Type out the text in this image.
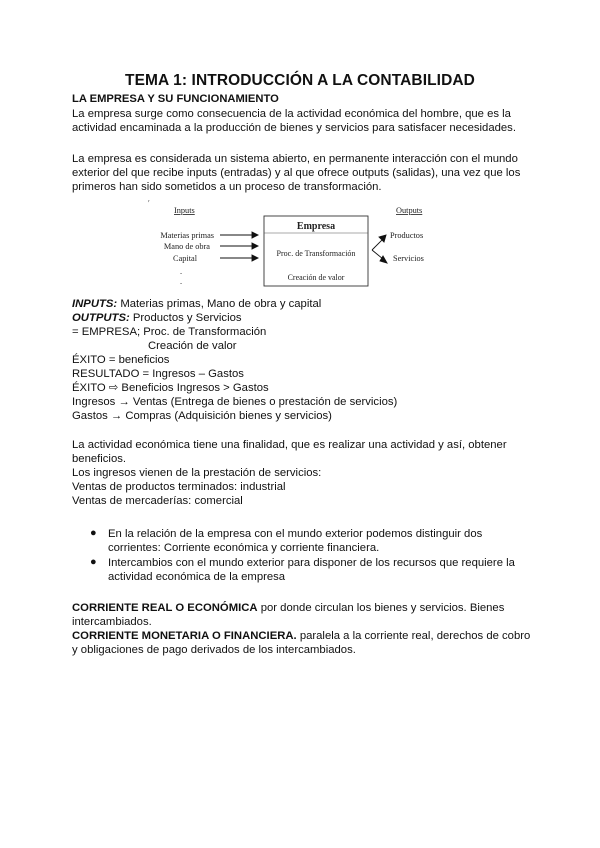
TEMA 1: INTRODUCCIÓN A LA CONTABILIDAD
LA EMPRESA Y SU FUNCIONAMIENTO
La empresa surge como consecuencia de la actividad económica del hombre, que es la
actividad encaminada a la producción de bienes y servicios para satisfacer necesidades.
La empresa es considerada un sistema abierto, en permanente interacción con el mundo
exterior del que recibe inputs (entradas) y al que ofrece outputs (salidas), una vez que los
primeros han sido sometidos a un proceso de transformación.
′
Inputs	Outputs
Materias primas
Mano de obra
Capital
.
.
Empresa
Proc. de Transformación
Creación de valor
Productos
Servicios
INPUTS: Materias primas, Mano de obra y capital
OUTPUTS: Productos y Servicios
= EMPRESA; Proc. de Transformación
Creación de valor
ÉXITO = beneficios
RESULTADO = Ingresos – Gastos
ÉXITO ⇨ Beneficios Ingresos > Gastos
Ingresos → Ventas (Entrega de bienes o prestación de servicios)
Gastos → Compras (Adquisición bienes y servicios)
La actividad económica tiene una finalidad, que es realizar una actividad y así, obtener
beneficios.
Los ingresos vienen de la prestación de servicios:
Ventas de productos terminados: industrial
Ventas de mercaderías: comercial
● En la relación de la empresa con el mundo exterior podemos distinguir dos
corrientes: Corriente económica y corriente financiera.
● Intercambios con el mundo exterior para disponer de los recursos que requiere la
actividad económica de la empresa
CORRIENTE REAL O ECONÓMICA por donde circulan los bienes y servicios. Bienes
intercambiados.
CORRIENTE MONETARIA O FINANCIERA. paralela a la corriente real, derechos de cobro
y obligaciones de pago derivados de los intercambiados.
